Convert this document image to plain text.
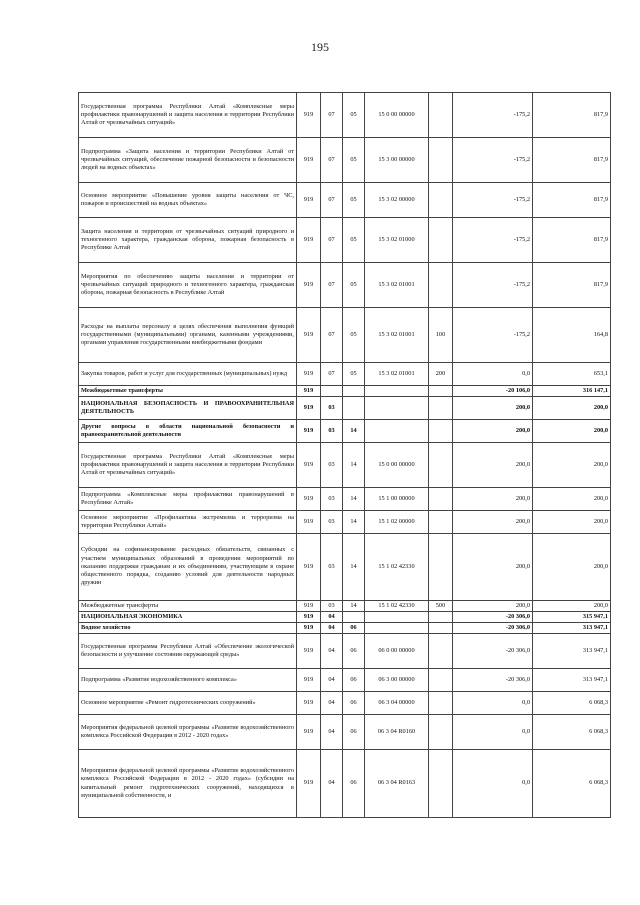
195
Государственная программа Республики Алтай «Комплексные меры профилактики правонарушений и защита населения и территории Республики Алтай от чрезвычайных ситуаций»	919	07	05	15 0 00 00000		-175,2	817,9
Подпрограмма «Защита населения и территории Республики Алтай от чрезвычайных ситуаций, обеспечение пожарной безопасности и безопасности людей на водных объектах»	919	07	05	15 3 00 00000		-175,2	817,9
Основное мероприятие «Повышение уровня защиты населения от ЧС, пожаров и происшествий на водных объектах»	919	07	05	15 3 02 00000		-175,2	817,9
Защита населения и территории от чрезвычайных ситуаций природного и техногенного характера, гражданская оборона, пожарная безопасность в Республике Алтай	919	07	05	15 3 02 01000		-175,2	817,9
Мероприятия по обеспечению защиты населения и территории от чрезвычайных ситуаций природного и техногенного характера, гражданская оборона, пожарная безопасность в Республике Алтай	919	07	05	15 3 02 01001		-175,2	817,9
Расходы на выплаты персоналу в целях обеспечения выполнения функций государственными (муниципальными) органами, казенными учреждениями, органами управления государственными внебюджетными фондами	919	07	05	15 3 02 01001	100	-175,2	164,8
Закупка товаров, работ и услуг для государственных (муниципальных) нужд	919	07	05	15 3 02 01001	200	0,0	653,1
Межбюджетные трансферты	919					-20 106,0	316 147,1
НАЦИОНАЛЬНАЯ БЕЗОПАСНОСТЬ И ПРАВООХРАНИТЕЛЬНАЯ ДЕЯТЕЛЬНОСТЬ	919	03				200,0	200,0
Другие вопросы в области национальной безопасности и правоохранительной деятельности	919	03	14			200,0	200,0
Государственная программа Республики Алтай «Комплексные меры профилактики правонарушений и защита населения и территории Республики Алтай от чрезвычайных ситуаций»	919	03	14	15 0 00 00000		200,0	200,0
Подпрограмма «Комплексные меры профилактики правонарушений в Республике Алтай»	919	03	14	15 1 00 00000		200,0	200,0
Основное мероприятие «Профилактика экстремизма и терроризма на территории Республики Алтай»	919	03	14	15 1 02 00000		200,0	200,0
Субсидии на софинансирование расходных обязательств, связанных с участием муниципальных образований в проведении мероприятий по оказанию поддержки гражданам и их объединениям, участвующим в охране общественного порядка, созданию условий для деятельности народных дружин	919	03	14	15 1 02 42330		200,0	200,0
Межбюджетные трансферты	919	03	14	15 1 02 42330	500	200,0	200,0
НАЦИОНАЛЬНАЯ ЭКОНОМИКА	919	04				-20 306,0	315 947,1
Водное хозяйство	919	04	06			-20 306,0	313 947,1
Государственная программа Республики Алтай «Обеспечение экологической безопасности и улучшение состояния окружающей среды»	919	04	06	06 0 00 00000		-20 306,0	313 947,1
Подпрограмма «Развитие водохозяйственного комплекса»	919	04	06	06 3 00 00000		-20 306,0	313 947,1
Основное мероприятие «Ремонт гидротехнических сооружений»	919	04	06	06 3 04 00000		0,0	6 068,3
Мероприятия федеральной целевой программы «Развитие водохозяйственного комплекса Российской Федерации в 2012 - 2020 годах»	919	04	06	06 3 04 R0160		0,0	6 068,3
Мероприятия федеральной целевой программы «Развитие водохозяйственного комплекса Российской Федерации в 2012 - 2020 годах» (субсидии на капитальный ремонт гидротехнических сооружений, находящихся в муниципальной собственности, и	919	04	06	06 3 04 R0163		0,0	6 068,3
